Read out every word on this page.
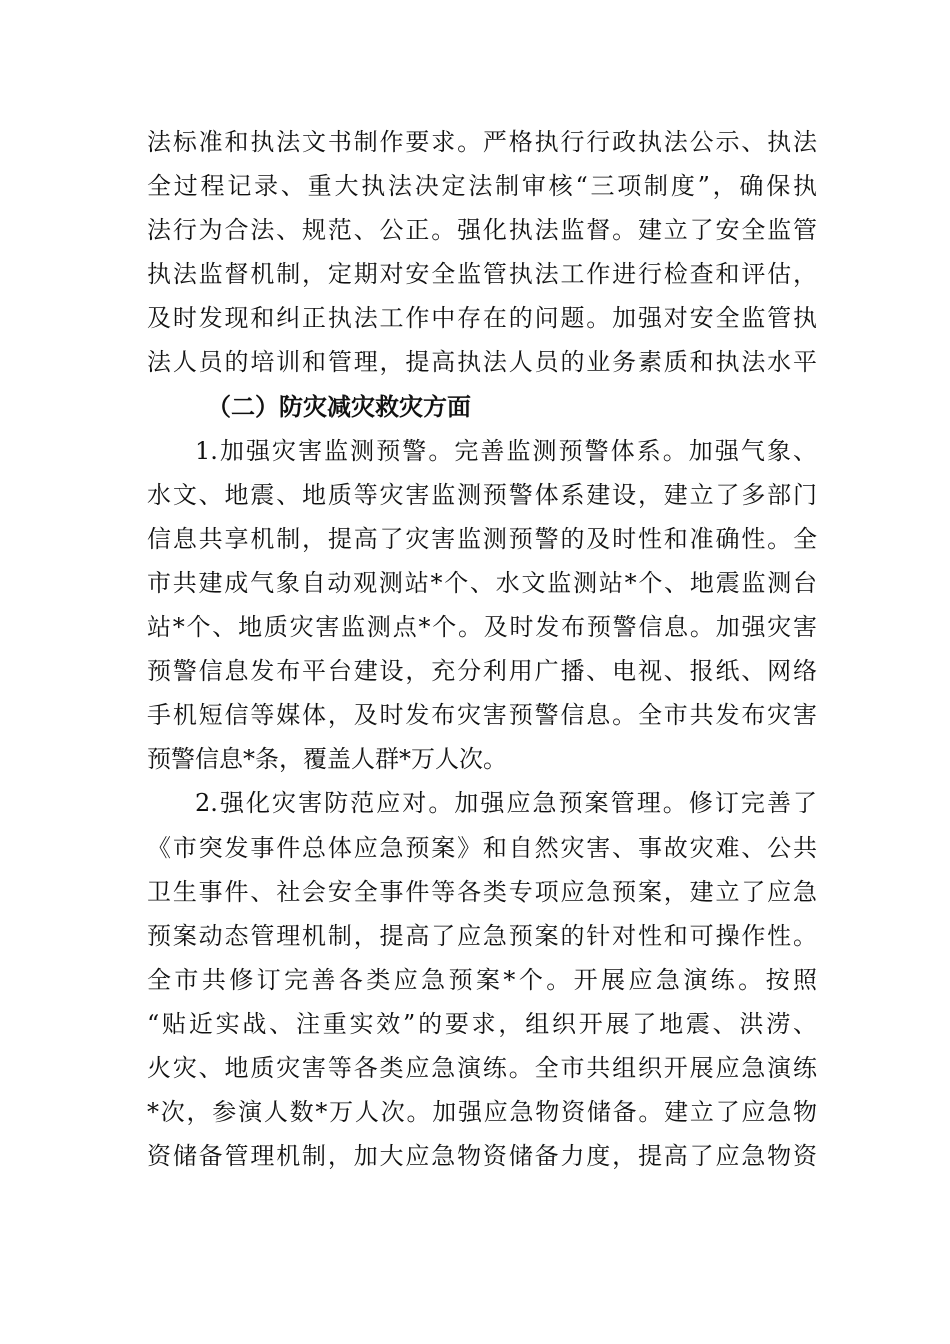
法标准和执法文书制作要求。严格执行行政执法公示、执法
全过程记录、重大执法决定法制审核“三项制度”，确保执
法行为合法、规范、公正。强化执法监督。建立了安全监管
执法监督机制，定期对安全监管执法工作进行检查和评估，
及时发现和纠正执法工作中存在的问题。加强对安全监管执
法人员的培训和管理，提高执法人员的业务素质和执法水平
（二）防灾减灾救灾方面
1.加强灾害监测预警。完善监测预警体系。加强气象、
水文、地震、地质等灾害监测预警体系建设，建立了多部门
信息共享机制，提高了灾害监测预警的及时性和准确性。全
市共建成气象自动观测站*个、水文监测站*个、地震监测台
站*个、地质灾害监测点*个。及时发布预警信息。加强灾害
预警信息发布平台建设，充分利用广播、电视、报纸、网络
手机短信等媒体，及时发布灾害预警信息。全市共发布灾害
预警信息*条，覆盖人群*万人次。
2.强化灾害防范应对。加强应急预案管理。修订完善了
《市突发事件总体应急预案》和自然灾害、事故灾难、公共
卫生事件、社会安全事件等各类专项应急预案，建立了应急
预案动态管理机制，提高了应急预案的针对性和可操作性。
全市共修订完善各类应急预案*个。开展应急演练。按照
“贴近实战、注重实效”的要求，组织开展了地震、洪涝、
火灾、地质灾害等各类应急演练。全市共组织开展应急演练
*次，参演人数*万人次。加强应急物资储备。建立了应急物
资储备管理机制，加大应急物资储备力度，提高了应急物资
